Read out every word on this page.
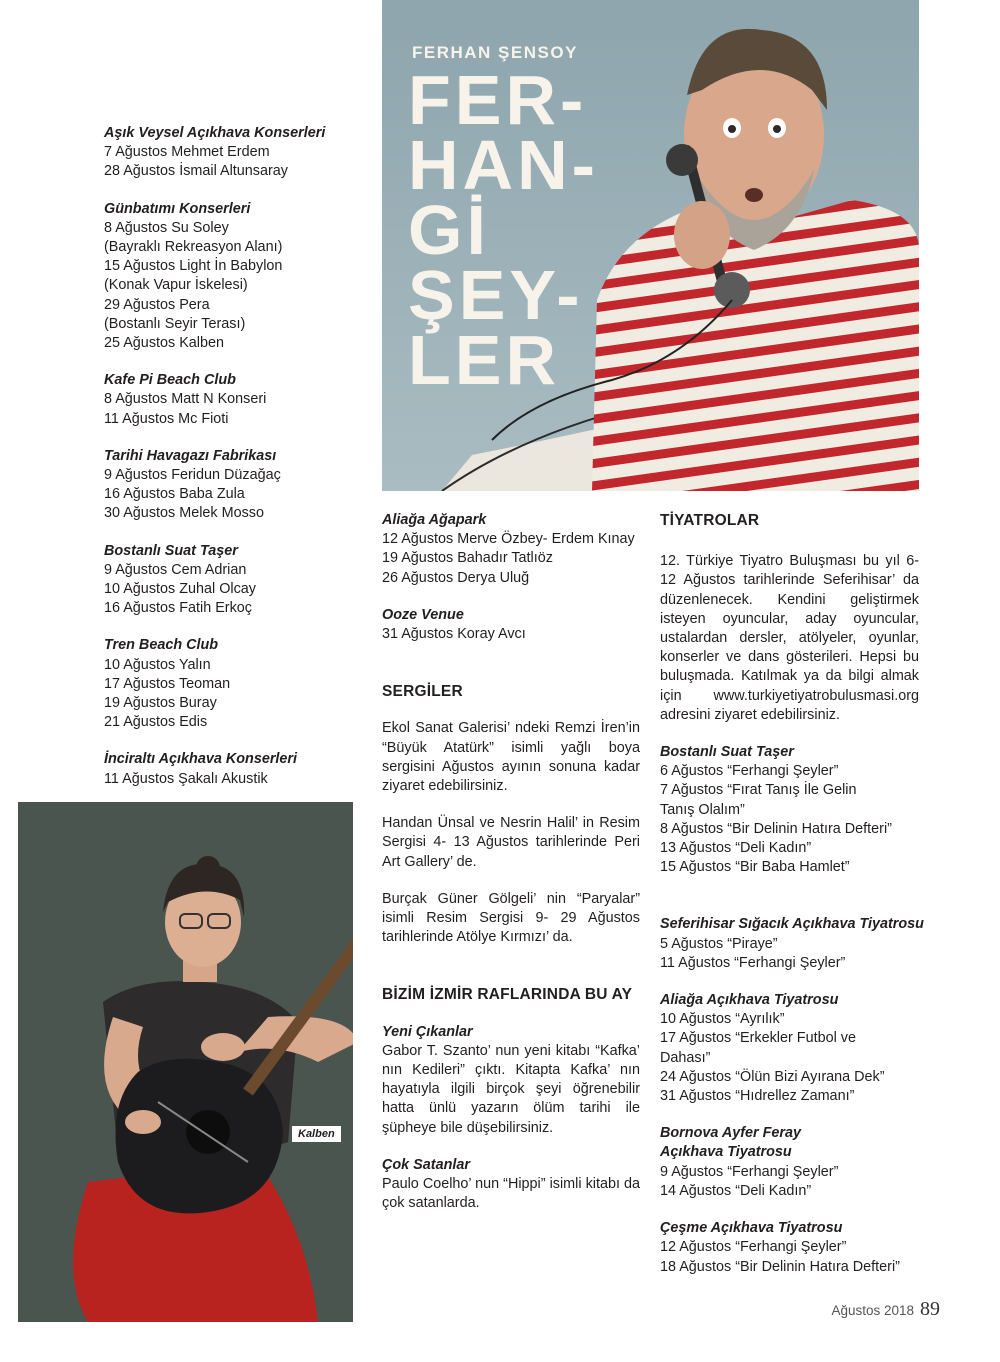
Aşık Veysel Açıkhava Konserleri
7 Ağustos Mehmet Erdem
28 Ağustos İsmail Altunsaray
Günbatımı Konserleri
8 Ağustos Su Soley
(Bayraklı Rekreasyon Alanı)
15 Ağustos Light İn Babylon
(Konak Vapur İskelesi)
29 Ağustos Pera
(Bostanlı Seyir Terası)
25 Ağustos Kalben
Kafe Pi Beach Club
8 Ağustos Matt N Konseri
11 Ağustos Mc Fioti
Tarihi Havagazı Fabrikası
9 Ağustos Feridun Düzağaç
16 Ağustos Baba Zula
30 Ağustos Melek Mosso
Bostanlı Suat Taşer
9 Ağustos Cem Adrian
10 Ağustos Zuhal Olcay
16 Ağustos Fatih Erkoç
Tren Beach Club
10 Ağustos Yalın
17 Ağustos Teoman
19 Ağustos Buray
21 Ağustos Edis
İnciraltı Açıkhava Konserleri
11 Ağustos Şakalı Akustik
FERHAN ŞENSOY
FER-
HAN-
Gİ
ŞEY-
LER
Kalben
Aliağa Ağapark
12 Ağustos Merve Özbey- Erdem Kınay
19 Ağustos Bahadır Tatlıöz
26 Ağustos Derya Uluğ
Ooze Venue
31 Ağustos Koray Avcı
SERGİLER
Ekol Sanat Galerisi’ ndeki Remzi İren’in “Büyük Atatürk” isimli yağlı boya sergisini Ağustos ayının sonuna kadar ziyaret edebilirsiniz.
Handan Ünsal ve Nesrin Halil’ in Resim Sergisi 4- 13 Ağustos tarihlerinde Peri Art Gallery’ de.
Burçak Güner Gölgeli’ nin “Paryalar” isimli Resim Sergisi 9- 29 Ağustos tarihlerinde Atölye Kırmızı’ da.
BİZİM İZMİR RAFLARINDA BU AY
Yeni Çıkanlar
Gabor T. Szanto’ nun yeni kitabı “Kafka’ nın Kedileri” çıktı. Kitapta Kafka’ nın hayatıyla ilgili birçok şeyi öğrenebilir hatta ünlü yazarın ölüm tarihi ile şüpheye bile düşebilirsiniz.
Çok Satanlar
Paulo Coelho’ nun “Hippi” isimli kitabı da çok satanlarda.
TİYATROLAR
12. Türkiye Tiyatro Buluşması bu yıl 6- 12 Ağustos tarihlerinde Seferihisar’ da düzenlenecek. Kendini geliştirmek isteyen oyuncular, aday oyuncular, ustalardan dersler, atölyeler, oyunlar, konserler ve dans gösterileri. Hepsi bu buluşmada. Katılmak ya da bilgi almak için www.turkiyetiyatrobulusmasi.org adresini ziyaret edebilirsiniz.
Bostanlı Suat Taşer
6 Ağustos “Ferhangi Şeyler”
7 Ağustos “Fırat Tanış İle Gelin
Tanış Olalım”
8 Ağustos “Bir Delinin Hatıra Defteri”
13 Ağustos “Deli Kadın”
15 Ağustos “Bir Baba Hamlet”
Seferihisar Sığacık Açıkhava Tiyatrosu
5 Ağustos “Piraye”
11 Ağustos “Ferhangi Şeyler”
Aliağa Açıkhava Tiyatrosu
10 Ağustos “Ayrılık”
17 Ağustos “Erkekler Futbol ve
Dahası”
24 Ağustos “Ölün Bizi Ayırana Dek”
31 Ağustos “Hıdrellez Zamanı”
Bornova Ayfer Feray
Açıkhava Tiyatrosu
9 Ağustos “Ferhangi Şeyler”
14 Ağustos “Deli Kadın”
Çeşme Açıkhava Tiyatrosu
12 Ağustos “Ferhangi Şeyler”
18 Ağustos “Bir Delinin Hatıra Defteri”
Ağustos 2018 89
